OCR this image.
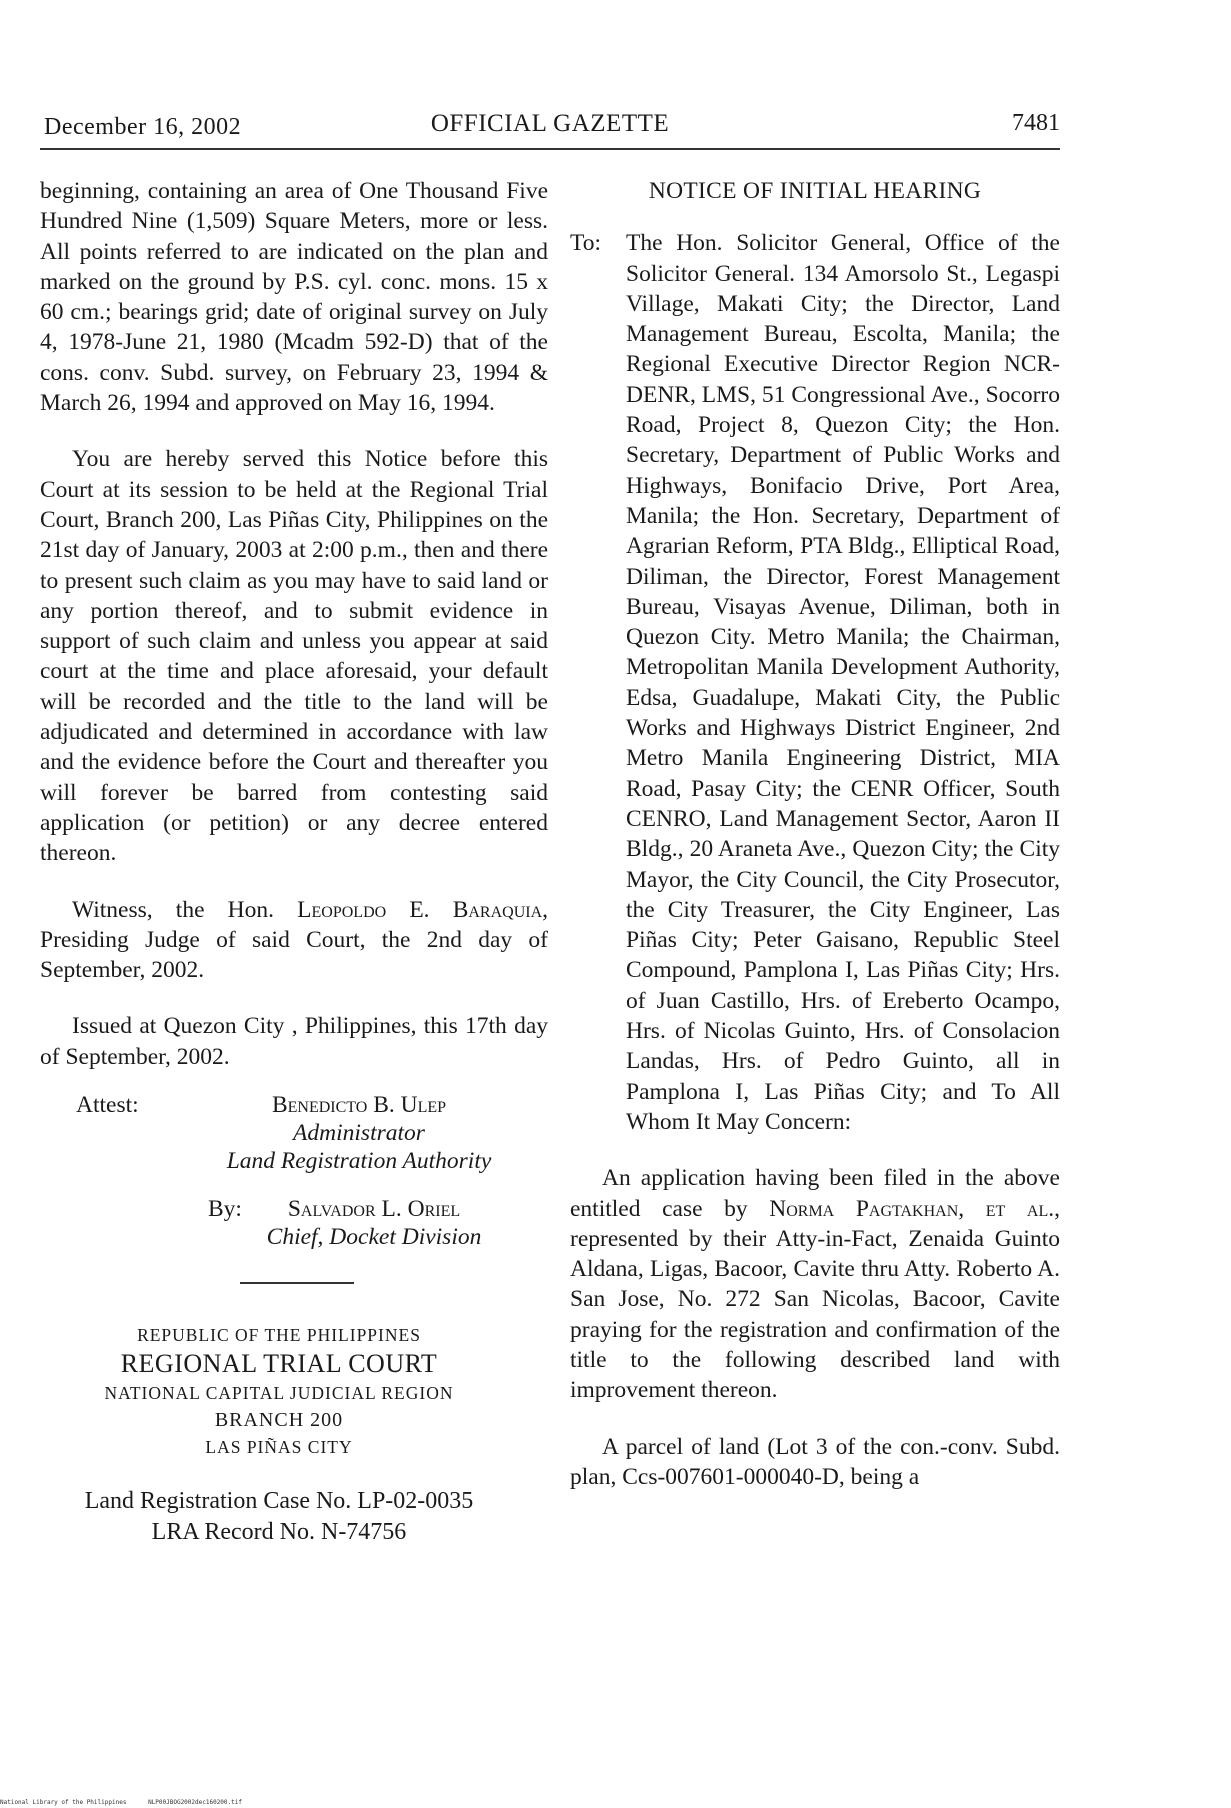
December 16, 2002	OFFICIAL GAZETTE	7481

beginning, containing an area of One Thousand Five Hundred Nine (1,509) Square Meters, more or less. All points referred to are indicated on the plan and marked on the ground by P.S. cyl. conc. mons. 15 x 60 cm.; bearings grid; date of original survey on July 4, 1978-June 21, 1980 (Mcadm 592-D) that of the cons. conv. Subd. survey, on February 23, 1994 & March 26, 1994 and approved on May 16, 1994.

You are hereby served this Notice before this Court at its session to be held at the Regional Trial Court, Branch 200, Las Piñas City, Philippines on the 21st day of January, 2003 at 2:00 p.m., then and there to present such claim as you may have to said land or any portion thereof, and to submit evidence in support of such claim and unless you appear at said court at the time and place aforesaid, your default will be recorded and the title to the land will be adjudicated and determined in accordance with law and the evidence before the Court and thereafter you will forever be barred from contesting said application (or petition) or any decree entered thereon.

Witness, the Hon. Leopoldo E. Baraquia, Presiding Judge of said Court, the 2nd day of September, 2002.

Issued at Quezon City , Philippines, this 17th day of September, 2002.

Attest:	Benedicto B. Ulep
Administrator
Land Registration Authority
By:	Salvador L. Oriel
Chief, Docket Division
REPUBLIC OF THE PHILIPPINES
REGIONAL TRIAL COURT
NATIONAL CAPITAL JUDICIAL REGION
BRANCH 200
LAS PIÑAS CITY
Land Registration Case No. LP-02-0035
LRA Record No. N-74756
NOTICE OF INITIAL HEARING
To: The Hon. Solicitor General, Office of the Solicitor General. 134 Amorsolo St., Legaspi Village, Makati City; the Director, Land Management Bureau, Escolta, Manila; the Regional Executive Director Region NCR-DENR, LMS, 51 Congressional Ave., Socorro Road, Project 8, Quezon City; the Hon. Secretary, Department of Public Works and Highways, Bonifacio Drive, Port Area, Manila; the Hon. Secretary, Department of Agrarian Reform, PTA Bldg., Elliptical Road, Diliman, the Director, Forest Management Bureau, Visayas Avenue, Diliman, both in Quezon City. Metro Manila; the Chairman, Metropolitan Manila Development Authority, Edsa, Guadalupe, Makati City, the Public Works and Highways District Engineer, 2nd Metro Manila Engineering District, MIA Road, Pasay City; the CENR Officer, South CENRO, Land Management Sector, Aaron II Bldg., 20 Araneta Ave., Quezon City; the City Mayor, the City Council, the City Prosecutor, the City Treasurer, the City Engineer, Las Piñas City; Peter Gaisano, Republic Steel Compound, Pamplona I, Las Piñas City; Hrs. of Juan Castillo, Hrs. of Ereberto Ocampo, Hrs. of Nicolas Guinto, Hrs. of Consolacion Landas, Hrs. of Pedro Guinto, all in Pamplona I, Las Piñas City; and To All Whom It May Concern:

An application having been filed in the above entitled case by Norma Pagtakhan, et al., represented by their Atty-in-Fact, Zenaida Guinto Aldana, Ligas, Bacoor, Cavite thru Atty. Roberto A. San Jose, No. 272 San Nicolas, Bacoor, Cavite praying for the registration and confirmation of the title to the following described land with improvement thereon.

A parcel of land (Lot 3 of the con.-conv. Subd. plan, Ccs-007601-000040-D, being a

National Library of the Philippines	NLP00JBOG2002dec160200.tif
